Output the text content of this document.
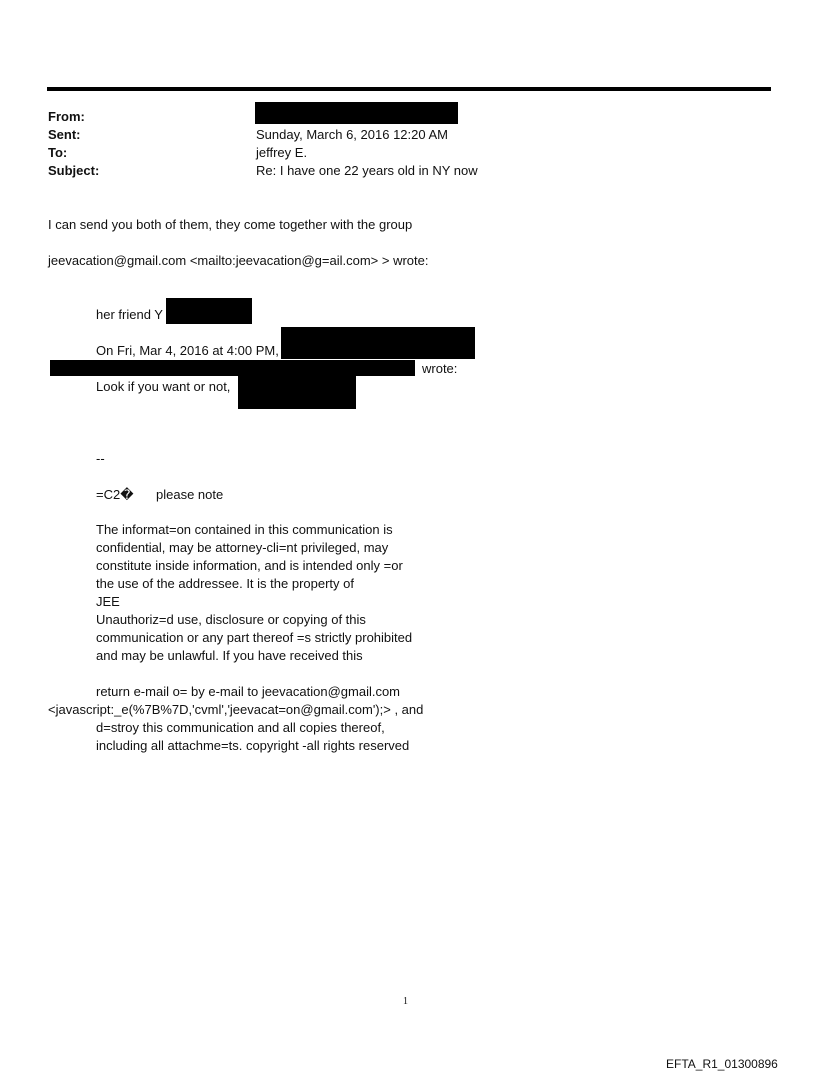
From:
Sent:
To:
Subject:
Sunday, March 6, 2016 12:20 AM
jeffrey E.
Re: I have one 22 years old in NY now
I can send you both of them, they come together with the group
jeevacation@gmail.com <mailto:jeevacation@g=ail.com> > wrote:
her friend Y
On Fri, Mar 4, 2016 at 4:00 PM,
wrote:
Look if you want or not,
--
=C2� please note
The informat=on contained in this communication is
confidential, may be attorney-cli=nt privileged, may
constitute inside information, and is intended only =or
the use of the addressee. It is the property of
JEE
Unauthoriz=d use, disclosure or copying of this
communication or any part thereof =s strictly prohibited
and may be unlawful. If you have received this
return e-mail o= by e-mail to jeevacation@gmail.com
<javascript:_e(%7B%7D,'cvml','jeevacat=on@gmail.com');> , and
d=stroy this communication and all copies thereof,
including all attachme=ts. copyright -all rights reserved
1
EFTA_R1_01300896
